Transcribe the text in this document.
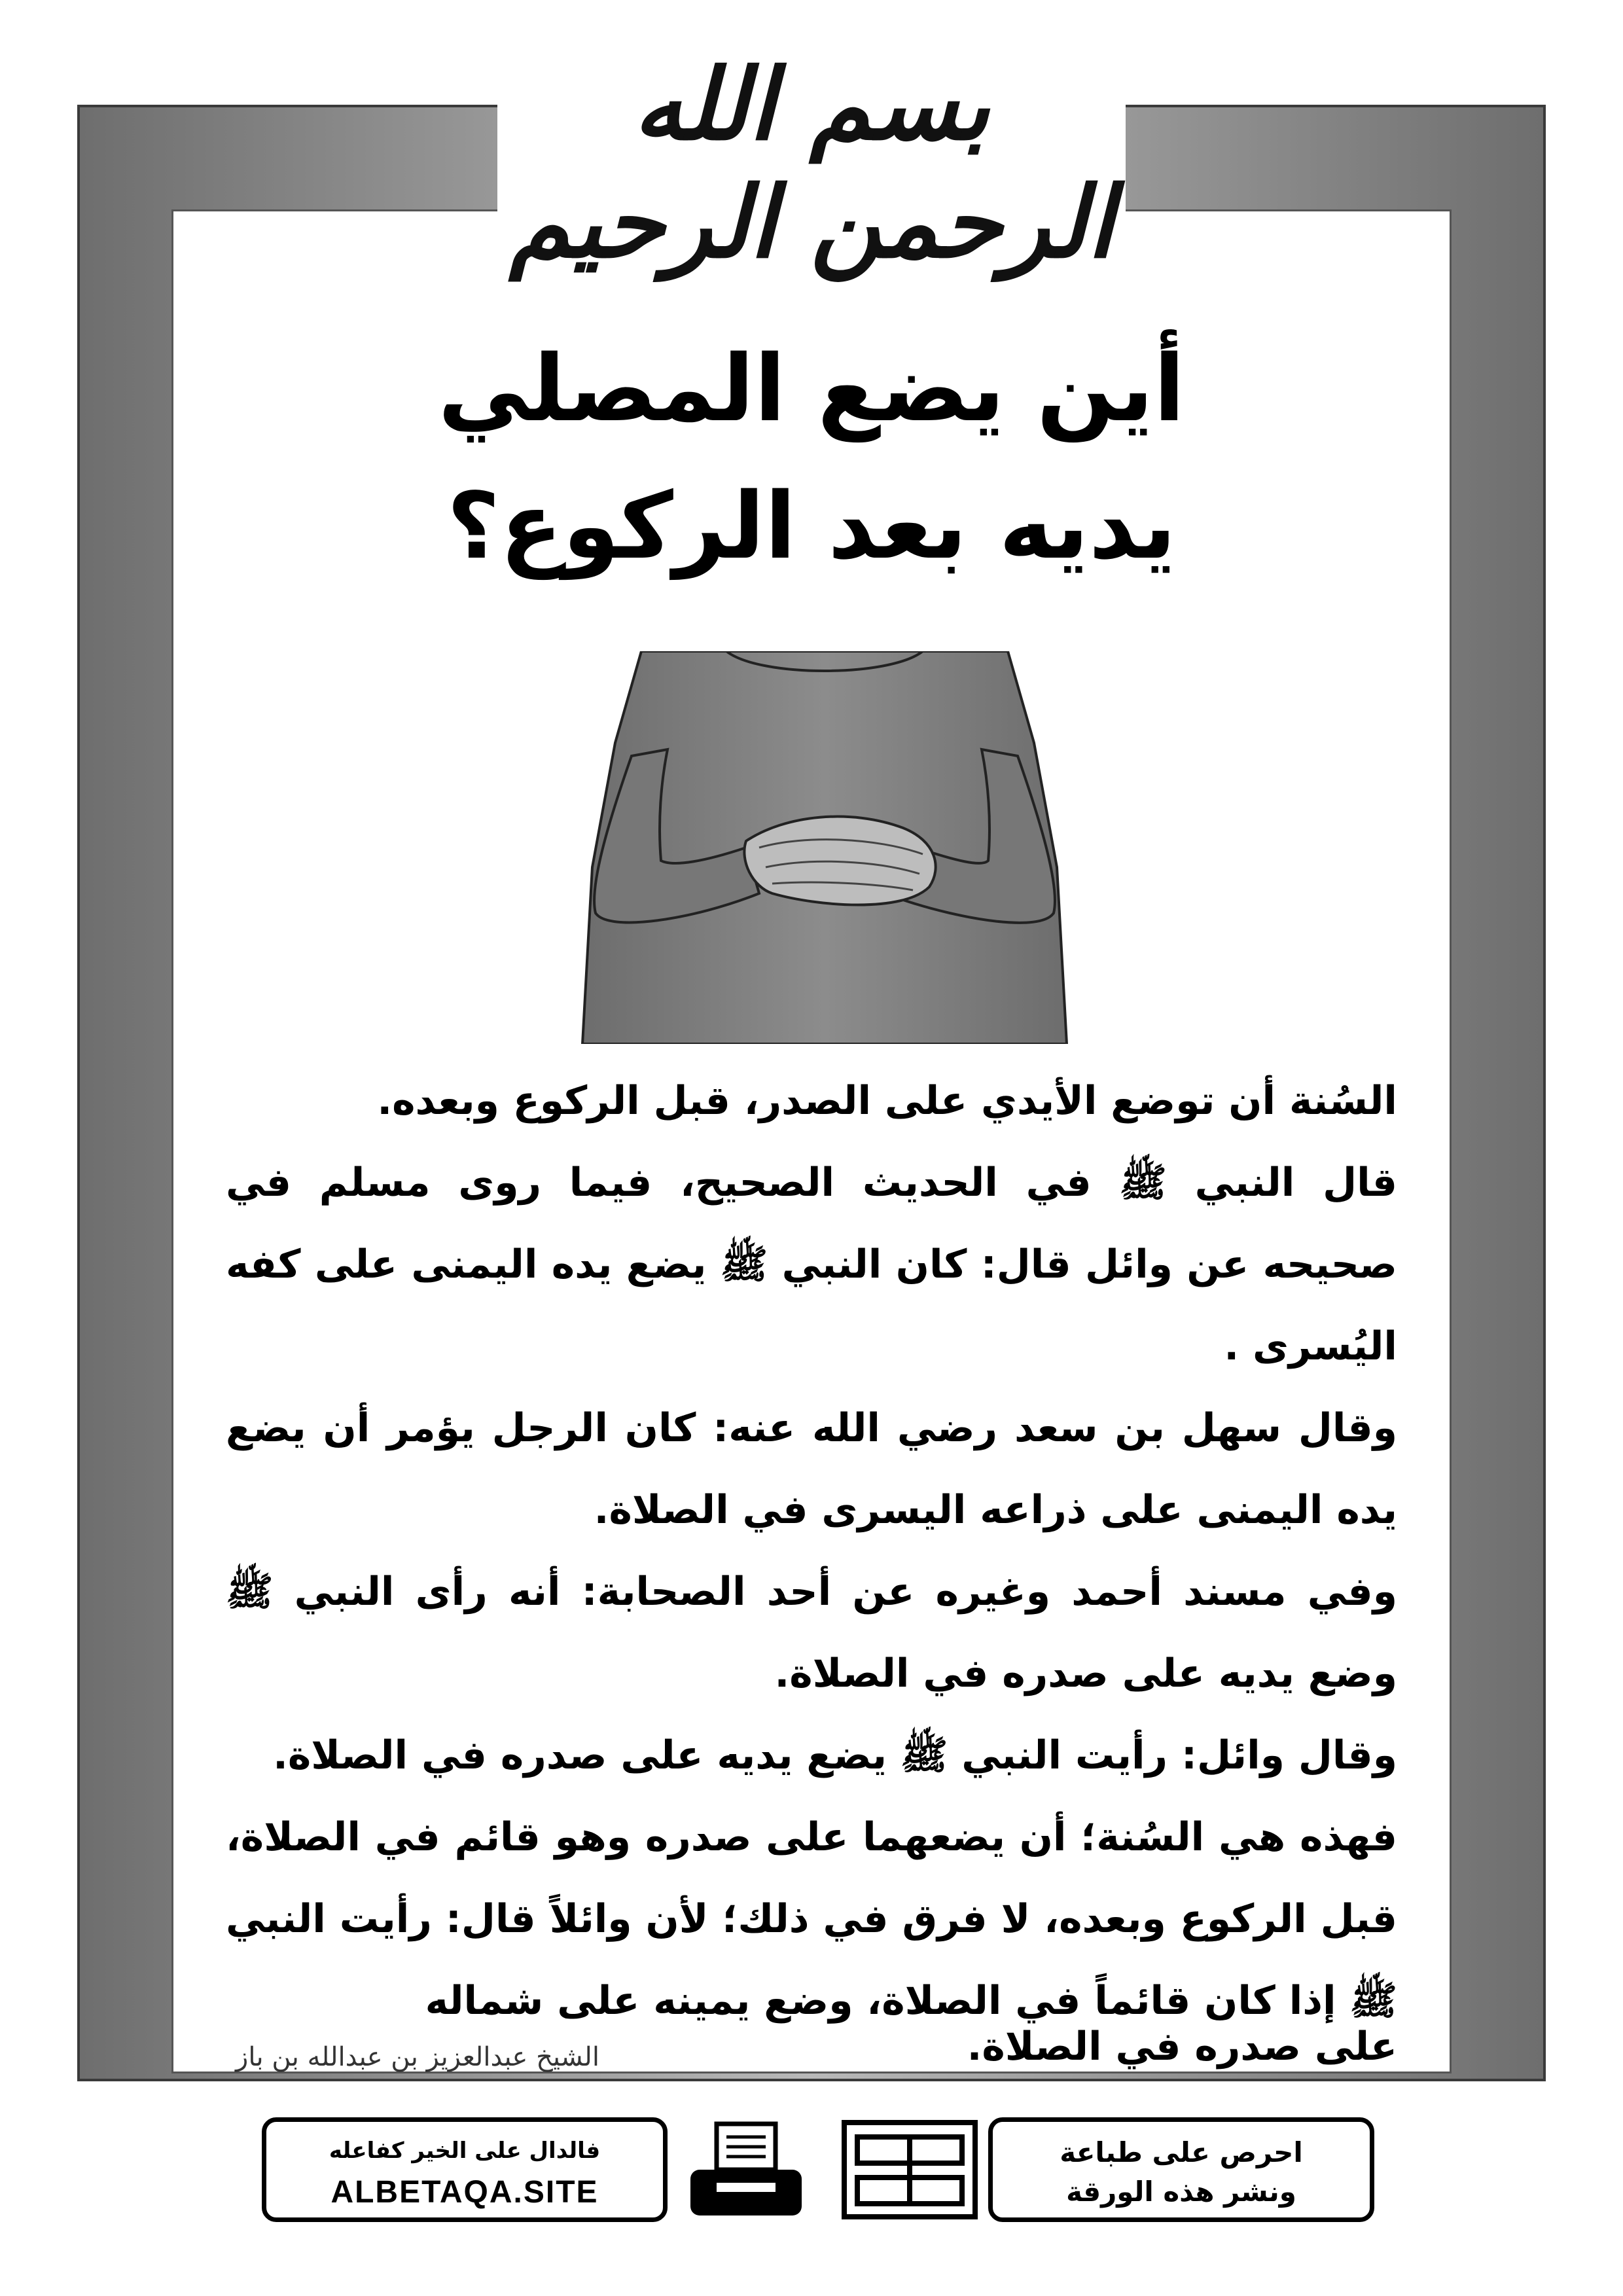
بسم الله الرحمن الرحيم
أين يضع المصلي
يديه بعد الركوع؟

السُنة أن توضع الأيدي على الصدر، قبل الركوع وبعده.

قال النبي ﷺ في الحديث الصحيح، فيما روى مسلم في صحيحه عن وائل قال: كان النبي ﷺ يضع يده اليمنى على كفه اليُسرى .

وقال سهل بن سعد رضي الله عنه: كان الرجل يؤمر أن يضع يده اليمنى على ذراعه اليسرى في الصلاة.

وفي مسند أحمد وغيره عن أحد الصحابة: أنه رأى النبي ﷺ وضع يديه على صدره في الصلاة.

وقال وائل: رأيت النبي ﷺ يضع يديه على صدره في الصلاة.

فهذه هي السُنة؛ أن يضعهما على صدره وهو قائم في الصلاة، قبل الركوع وبعده، لا فرق في ذلك؛ لأن وائلاً قال: رأيت النبي ﷺ إذا كان قائماً في الصلاة، وضع يمينه على شماله

على صدره في الصلاة.
الشيخ عبدالعزيز بن عبدالله بن باز
احرص على طباعة
ونشر هذه الورقة
فالدال على الخير كفاعله
ALBETAQA.SITE
